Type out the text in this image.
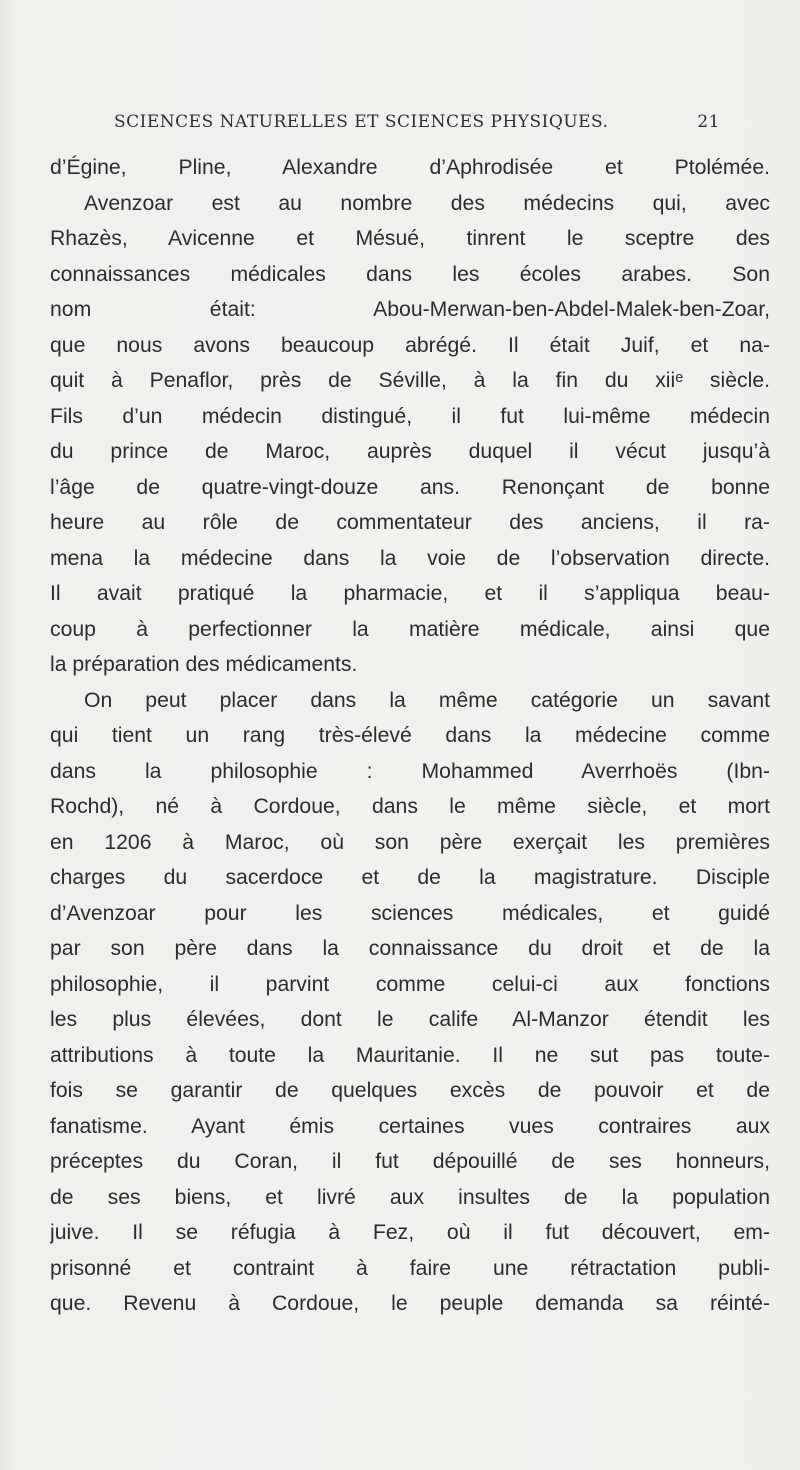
SCIENCES NATURELLES ET SCIENCES PHYSIQUES.	21
d’Égine, Pline, Alexandre d’Aphrodisée et Ptolémée.
Avenzoar est au nombre des médecins qui, avec
Rhazès, Avicenne et Mésué, tinrent le sceptre des
connaissances médicales dans les écoles arabes. Son
nom était: Abou-Merwan-ben-Abdel-Malek-ben-Zoar,
que nous avons beaucoup abrégé. Il était Juif, et na-
quit à Penaflor, près de Séville, à la fin du xiiᵉ siècle.
Fils d’un médecin distingué, il fut lui-même médecin
du prince de Maroc, auprès duquel il vécut jusqu’à
l’âge de quatre-vingt-douze ans. Renonçant de bonne
heure au rôle de commentateur des anciens, il ra-
mena la médecine dans la voie de l’observation directe.
Il avait pratiqué la pharmacie, et il s’appliqua beau-
coup à perfectionner la matière médicale, ainsi que
la préparation des médicaments.
On peut placer dans la même catégorie un savant
qui tient un rang très-élevé dans la médecine comme
dans la philosophie : Mohammed Averrhoës (Ibn-
Rochd), né à Cordoue, dans le même siècle, et mort
en 1206 à Maroc, où son père exerçait les premières
charges du sacerdoce et de la magistrature. Disciple
d’Avenzoar pour les sciences médicales, et guidé
par son père dans la connaissance du droit et de la
philosophie, il parvint comme celui-ci aux fonctions
les plus élevées, dont le calife Al-Manzor étendit les
attributions à toute la Mauritanie. Il ne sut pas toute-
fois se garantir de quelques excès de pouvoir et de
fanatisme. Ayant émis certaines vues contraires aux
préceptes du Coran, il fut dépouillé de ses honneurs,
de ses biens, et livré aux insultes de la population
juive. Il se réfugia à Fez, où il fut découvert, em-
prisonné et contraint à faire une rétractation publi-
que. Revenu à Cordoue, le peuple demanda sa réinté-
